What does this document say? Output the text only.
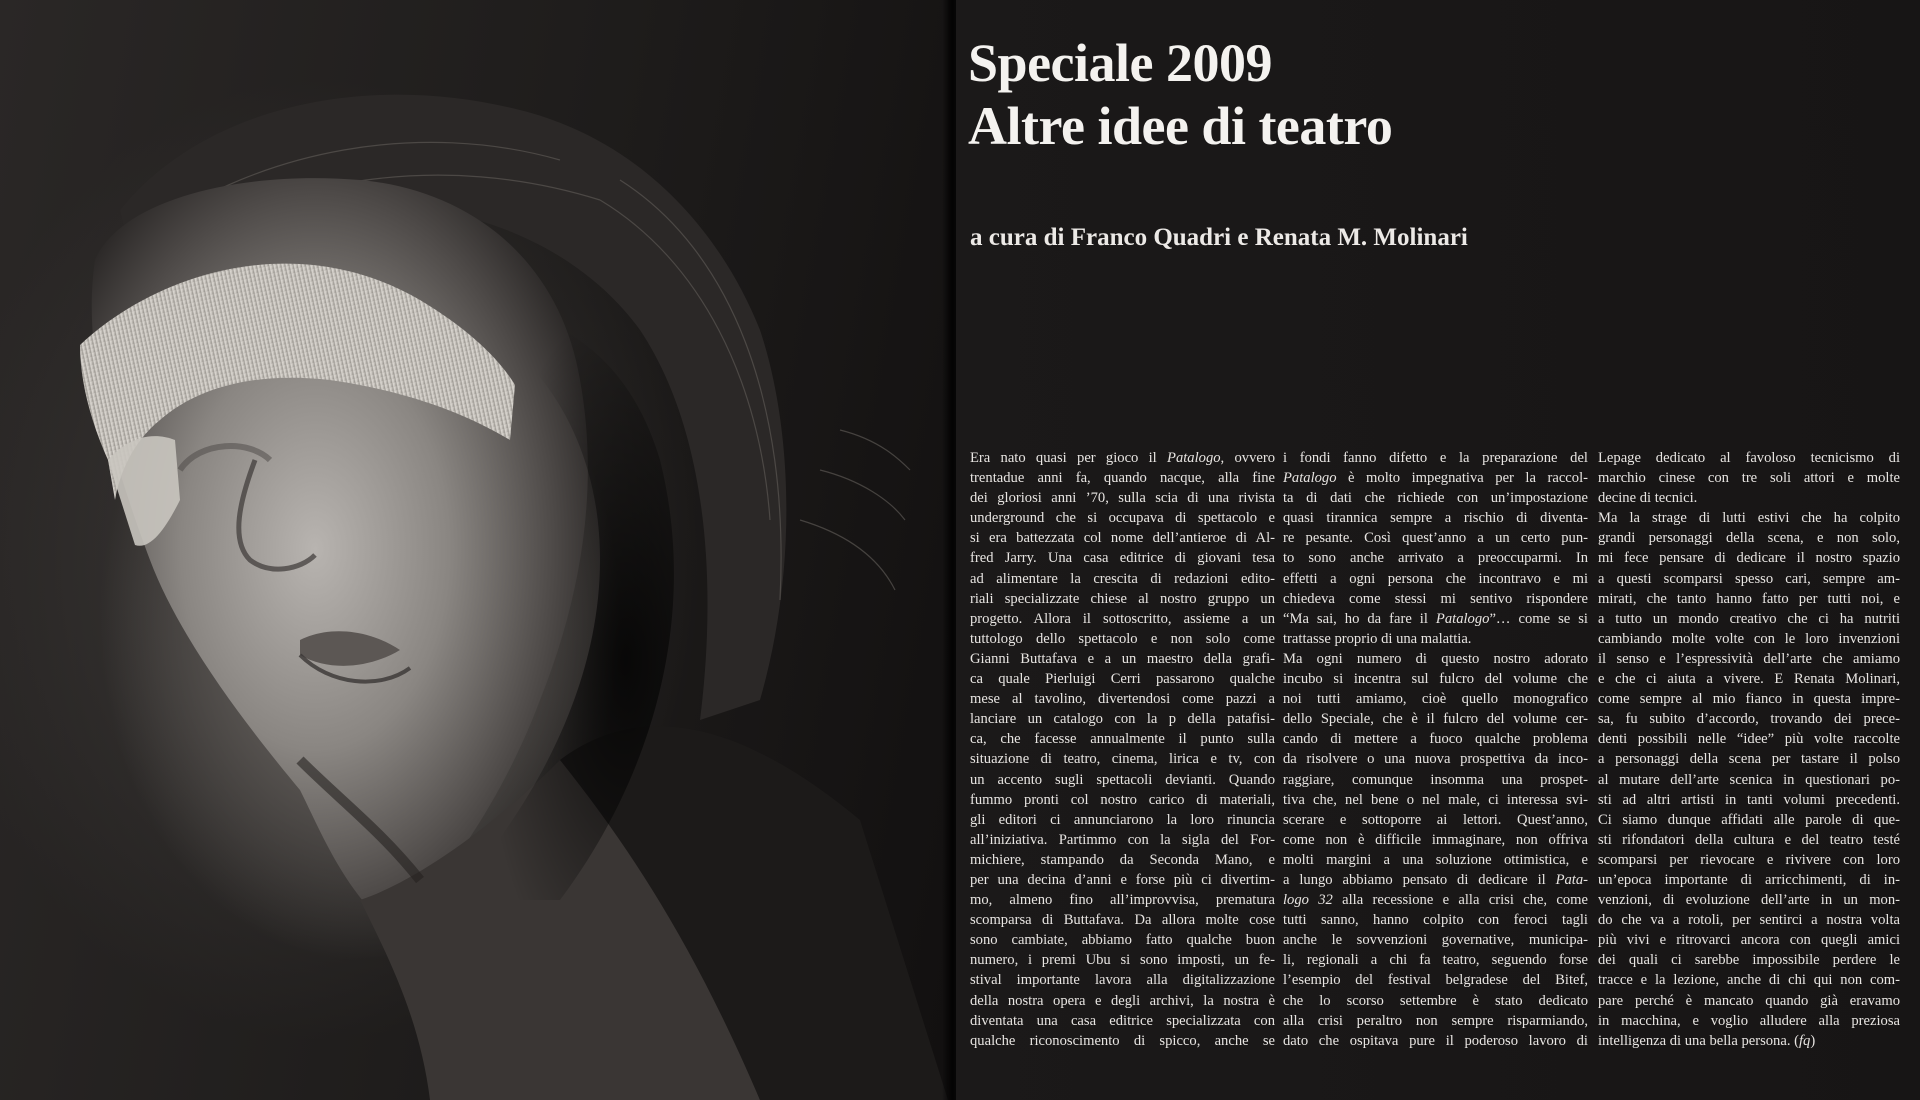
Speciale 2009
Altre idee di teatro

a cura di Franco Quadri e Renata M. Molinari

Era nato quasi per gioco il Patalogo, ovvero
trentadue anni fa, quando nacque, alla fine
dei gloriosi anni ’70, sulla scia di una rivista
underground che si occupava di spettacolo e
si era battezzata col nome dell’antieroe di Al-
fred Jarry. Una casa editrice di giovani tesa
ad alimentare la crescita di redazioni edito-
riali specializzate chiese al nostro gruppo un
progetto. Allora il sottoscritto, assieme a un
tuttologo dello spettacolo e non solo come
Gianni Buttafava e a un maestro della grafi-
ca quale Pierluigi Cerri passarono qualche
mese al tavolino, divertendosi come pazzi a
lanciare un catalogo con la p della patafisi-
ca, che facesse annualmente il punto sulla
situazione di teatro, cinema, lirica e tv, con
un accento sugli spettacoli devianti. Quando
fummo pronti col nostro carico di materiali,
gli editori ci annunciarono la loro rinuncia
all’iniziativa. Partimmo con la sigla del For-
michiere, stampando da Seconda Mano, e
per una decina d’anni e forse più ci divertim-
mo, almeno fino all’improvvisa, prematura
scomparsa di Buttafava. Da allora molte cose
sono cambiate, abbiamo fatto qualche buon
numero, i premi Ubu si sono imposti, un fe-
stival importante lavora alla digitalizzazione
della nostra opera e degli archivi, la nostra è
diventata una casa editrice specializzata con
qualche riconoscimento di spicco, anche se
i fondi fanno difetto e la preparazione del
Patalogo è molto impegnativa per la raccol-
ta di dati che richiede con un’impostazione
quasi tirannica sempre a rischio di diventa-
re pesante. Così quest’anno a un certo pun-
to sono anche arrivato a preoccuparmi. In
effetti a ogni persona che incontravo e mi
chiedeva come stessi mi sentivo rispondere
“Ma sai, ho da fare il Patalogo”… come se si
trattasse proprio di una malattia.
Ma ogni numero di questo nostro adorato
incubo si incentra sul fulcro del volume che
noi tutti amiamo, cioè quello monografico
dello Speciale, che è il fulcro del volume cer-
cando di mettere a fuoco qualche problema
da risolvere o una nuova prospettiva da inco-
raggiare, comunque insomma una prospet-
tiva che, nel bene o nel male, ci interessa svi-
scerare e sottoporre ai lettori. Quest’anno,
come non è difficile immaginare, non offriva
molti margini a una soluzione ottimistica, e
a lungo abbiamo pensato di dedicare il Pata-
logo 32 alla recessione e alla crisi che, come
tutti sanno, hanno colpito con feroci tagli
anche le sovvenzioni governative, municipa-
li, regionali a chi fa teatro, seguendo forse
l’esempio del festival belgradese del Bitef,
che lo scorso settembre è stato dedicato
alla crisi peraltro non sempre risparmiando,
dato che ospitava pure il poderoso lavoro di
Lepage dedicato al favoloso tecnicismo di
marchio cinese con tre soli attori e molte
decine di tecnici.
Ma la strage di lutti estivi che ha colpito
grandi personaggi della scena, e non solo,
mi fece pensare di dedicare il nostro spazio
a questi scomparsi spesso cari, sempre am-
mirati, che tanto hanno fatto per tutti noi, e
a tutto un mondo creativo che ci ha nutriti
cambiando molte volte con le loro invenzioni
il senso e l’espressività dell’arte che amiamo
e che ci aiuta a vivere. E Renata Molinari,
come sempre al mio fianco in questa impre-
sa, fu subito d’accordo, trovando dei prece-
denti possibili nelle “idee” più volte raccolte
a personaggi della scena per tastare il polso
al mutare dell’arte scenica in questionari po-
sti ad altri artisti in tanti volumi precedenti.
Ci siamo dunque affidati alle parole di que-
sti rifondatori della cultura e del teatro testé
scomparsi per rievocare e rivivere con loro
un’epoca importante di arricchimenti, di in-
venzioni, di evoluzione dell’arte in un mon-
do che va a rotoli, per sentirci a nostra volta
più vivi e ritrovarci ancora con quegli amici
dei quali ci sarebbe impossibile perdere le
tracce e la lezione, anche di chi qui non com-
pare perché è mancato quando già eravamo
in macchina, e voglio alludere alla preziosa
intelligenza di una bella persona. (fq)
